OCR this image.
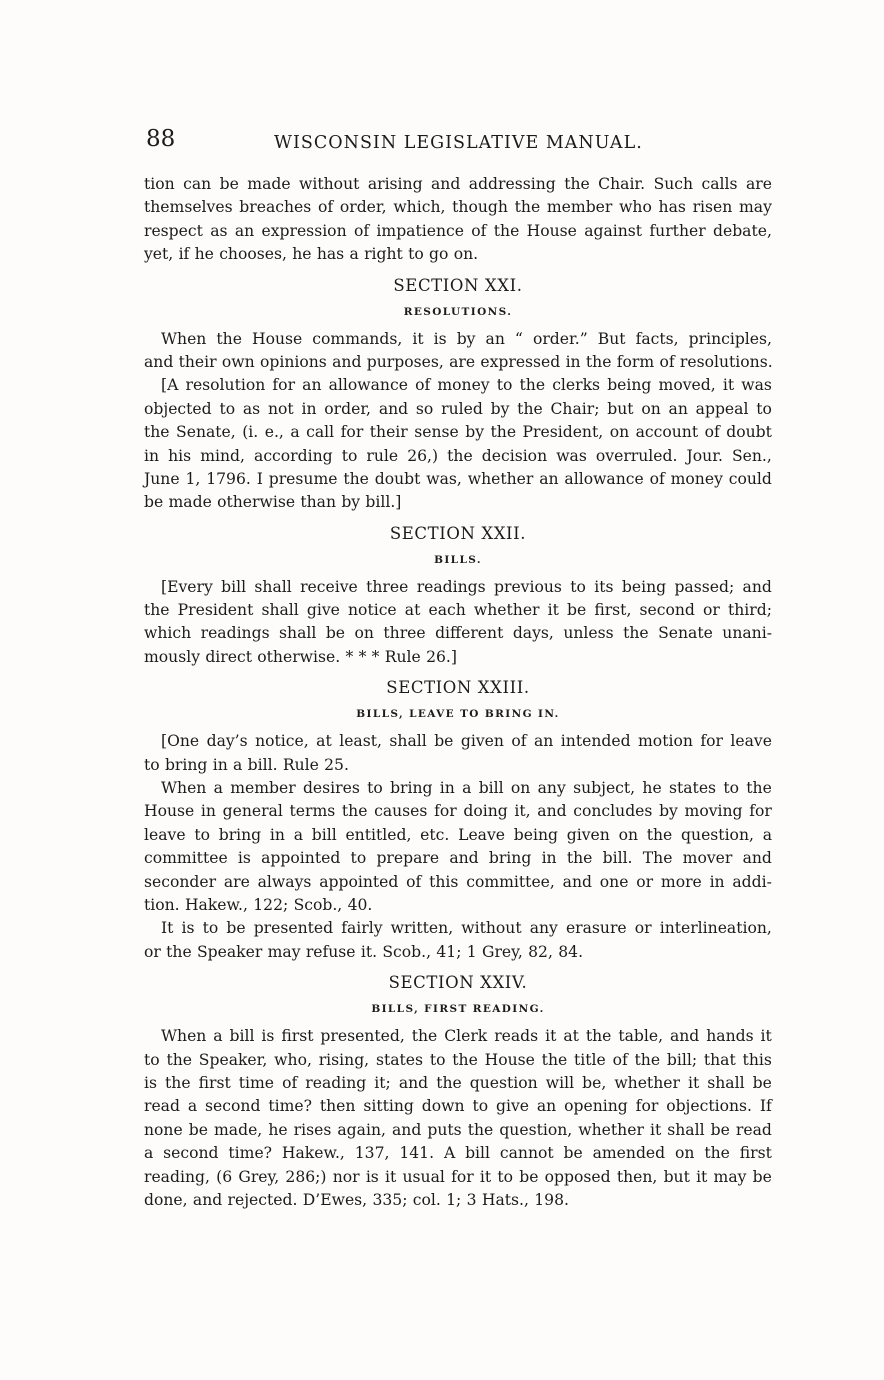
88	WISCONSIN LEGISLATIVE MANUAL.
tion can be made without arising and addressing the Chair. Such calls are
themselves breaches of order, which, though the member who has risen may
respect as an expression of impatience of the House against further debate,
yet, if he chooses, he has a right to go on.
SECTION XXI.
RESOLUTIONS.
When the House commands, it is by an “ order.” But facts, principles,
and their own opinions and purposes, are expressed in the form of resolutions.
[A resolution for an allowance of money to the clerks being moved, it was
objected to as not in order, and so ruled by the Chair; but on an appeal to
the Senate, (i. e., a call for their sense by the President, on account of doubt
in his mind, according to rule 26,) the decision was overruled. Jour. Sen.,
June 1, 1796. I presume the doubt was, whether an allowance of money could
be made otherwise than by bill.]
SECTION XXII.
BILLS.
[Every bill shall receive three readings previous to its being passed; and
the President shall give notice at each whether it be first, second or third;
which readings shall be on three different days, unless the Senate unani-
mously direct otherwise. * * * Rule 26.]
SECTION XXIII.
BILLS, LEAVE TO BRING IN.
[One day’s notice, at least, shall be given of an intended motion for leave
to bring in a bill. Rule 25.
When a member desires to bring in a bill on any subject, he states to the
House in general terms the causes for doing it, and concludes by moving for
leave to bring in a bill entitled, etc. Leave being given on the question, a
committee is appointed to prepare and bring in the bill. The mover and
seconder are always appointed of this committee, and one or more in addi-
tion. Hakew., 122; Scob., 40.
It is to be presented fairly written, without any erasure or interlineation,
or the Speaker may refuse it. Scob., 41; 1 Grey, 82, 84.
SECTION XXIV.
BILLS, FIRST READING.
When a bill is first presented, the Clerk reads it at the table, and hands it
to the Speaker, who, rising, states to the House the title of the bill; that this
is the first time of reading it; and the question will be, whether it shall be
read a second time? then sitting down to give an opening for objections. If
none be made, he rises again, and puts the question, whether it shall be read
a second time? Hakew., 137, 141. A bill cannot be amended on the first
reading, (6 Grey, 286;) nor is it usual for it to be opposed then, but it may be
done, and rejected. D’Ewes, 335; col. 1; 3 Hats., 198.
